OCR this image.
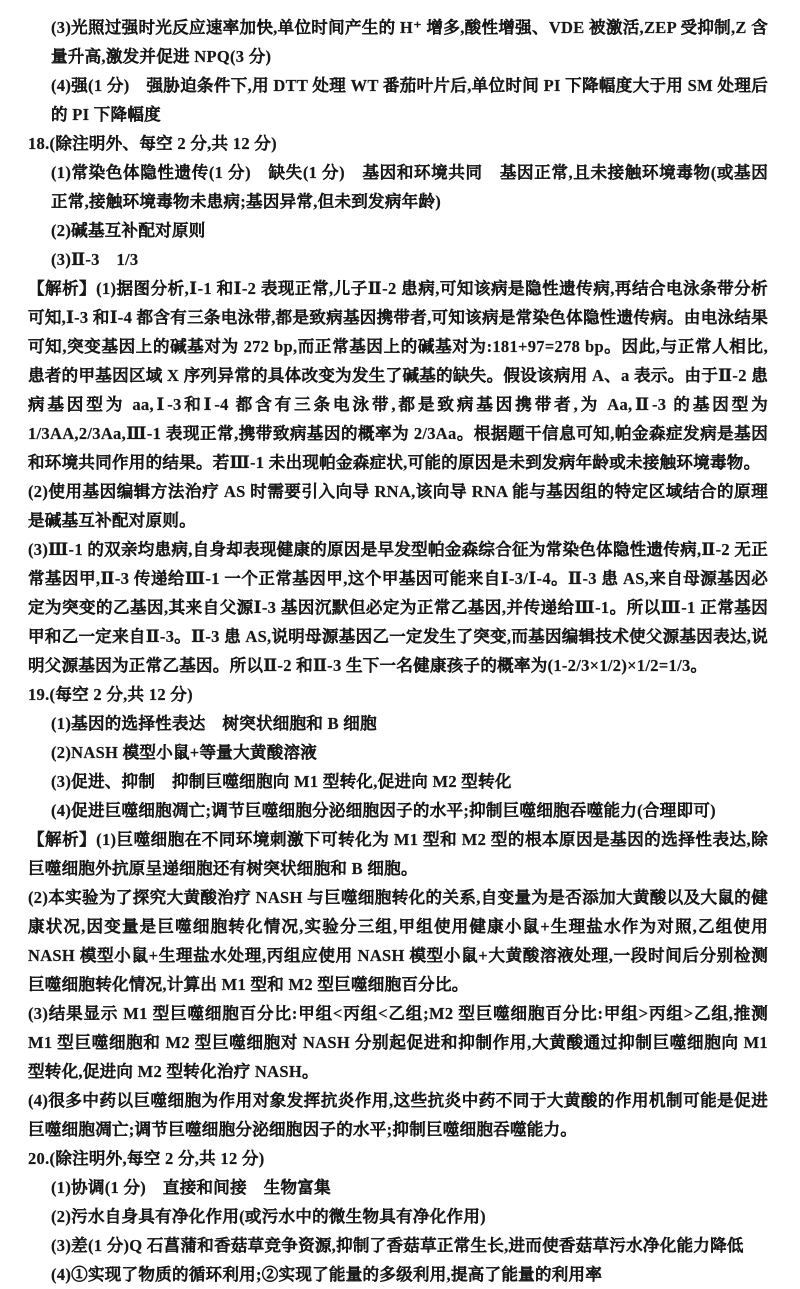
(3)光照过强时光反应速率加快,单位时间产生的 H⁺ 增多,酸性增强、VDE 被激活,ZEP 受抑制,Z 含量升高,激发并促进 NPQ(3 分)

(4)强(1 分)　强胁迫条件下,用 DTT 处理 WT 番茄叶片后,单位时间 PI 下降幅度大于用 SM 处理后的 PI 下降幅度

18.(除注明外、每空 2 分,共 12 分)

(1)常染色体隐性遗传(1 分)　缺失(1 分)　基因和环境共同　基因正常,且未接触环境毒物(或基因正常,接触环境毒物未患病;基因异常,但未到发病年龄)

(2)碱基互补配对原则

(3)Ⅱ-3　1/3

【解析】(1)据图分析,Ⅰ-1 和Ⅰ-2 表现正常,儿子Ⅱ-2 患病,可知该病是隐性遗传病,再结合电泳条带分析可知,Ⅰ-3 和Ⅰ-4 都含有三条电泳带,都是致病基因携带者,可知该病是常染色体隐性遗传病。由电泳结果可知,突变基因上的碱基对为 272 bp,而正常基因上的碱基对为:181+97=278 bp。因此,与正常人相比,患者的甲基因区域 X 序列异常的具体改变为发生了碱基的缺失。假设该病用 A、a 表示。由于Ⅱ-2 患病基因型为 aa,Ⅰ-3和Ⅰ-4 都含有三条电泳带,都是致病基因携带者,为 Aa,Ⅱ-3 的基因型为 1/3AA,2/3Aa,Ⅲ-1 表现正常,携带致病基因的概率为 2/3Aa。根据题干信息可知,帕金森症发病是基因和环境共同作用的结果。若Ⅲ-1 未出现帕金森症状,可能的原因是未到发病年龄或未接触环境毒物。

(2)使用基因编辑方法治疗 AS 时需要引入向导 RNA,该向导 RNA 能与基因组的特定区域结合的原理是碱基互补配对原则。

(3)Ⅲ-1 的双亲均患病,自身却表现健康的原因是早发型帕金森综合征为常染色体隐性遗传病,Ⅱ-2 无正常基因甲,Ⅱ-3 传递给Ⅲ-1 一个正常基因甲,这个甲基因可能来自Ⅰ-3/Ⅰ-4。Ⅱ-3 患 AS,来自母源基因必定为突变的乙基因,其来自父源Ⅰ-3 基因沉默但必定为正常乙基因,并传递给Ⅲ-1。所以Ⅲ-1 正常基因甲和乙一定来自Ⅱ-3。Ⅱ-3 患 AS,说明母源基因乙一定发生了突变,而基因编辑技术使父源基因表达,说明父源基因为正常乙基因。所以Ⅱ-2 和Ⅱ-3 生下一名健康孩子的概率为(1-2/3×1/2)×1/2=1/3。

19.(每空 2 分,共 12 分)

(1)基因的选择性表达　树突状细胞和 B 细胞

(2)NASH 模型小鼠+等量大黄酸溶液

(3)促进、抑制　抑制巨噬细胞向 M1 型转化,促进向 M2 型转化

(4)促进巨噬细胞凋亡;调节巨噬细胞分泌细胞因子的水平;抑制巨噬细胞吞噬能力(合理即可)

【解析】(1)巨噬细胞在不同环境刺激下可转化为 M1 型和 M2 型的根本原因是基因的选择性表达,除巨噬细胞外抗原呈递细胞还有树突状细胞和 B 细胞。

(2)本实验为了探究大黄酸治疗 NASH 与巨噬细胞转化的关系,自变量为是否添加大黄酸以及大鼠的健康状况,因变量是巨噬细胞转化情况,实验分三组,甲组使用健康小鼠+生理盐水作为对照,乙组使用 NASH 模型小鼠+生理盐水处理,丙组应使用 NASH 模型小鼠+大黄酸溶液处理,一段时间后分别检测巨噬细胞转化情况,计算出 M1 型和 M2 型巨噬细胞百分比。

(3)结果显示 M1 型巨噬细胞百分比:甲组<丙组<乙组;M2 型巨噬细胞百分比:甲组>丙组>乙组,推测 M1 型巨噬细胞和 M2 型巨噬细胞对 NASH 分别起促进和抑制作用,大黄酸通过抑制巨噬细胞向 M1 型转化,促进向 M2 型转化治疗 NASH。

(4)很多中药以巨噬细胞为作用对象发挥抗炎作用,这些抗炎中药不同于大黄酸的作用机制可能是促进巨噬细胞凋亡;调节巨噬细胞分泌细胞因子的水平;抑制巨噬细胞吞噬能力。

20.(除注明外,每空 2 分,共 12 分)

(1)协调(1 分)　直接和间接　生物富集

(2)污水自身具有净化作用(或污水中的微生物具有净化作用)

(3)差(1 分)Q 石菖蒲和香菇草竞争资源,抑制了香菇草正常生长,进而使香菇草污水净化能力降低

(4)①实现了物质的循环利用;②实现了能量的多级利用,提高了能量的利用率
